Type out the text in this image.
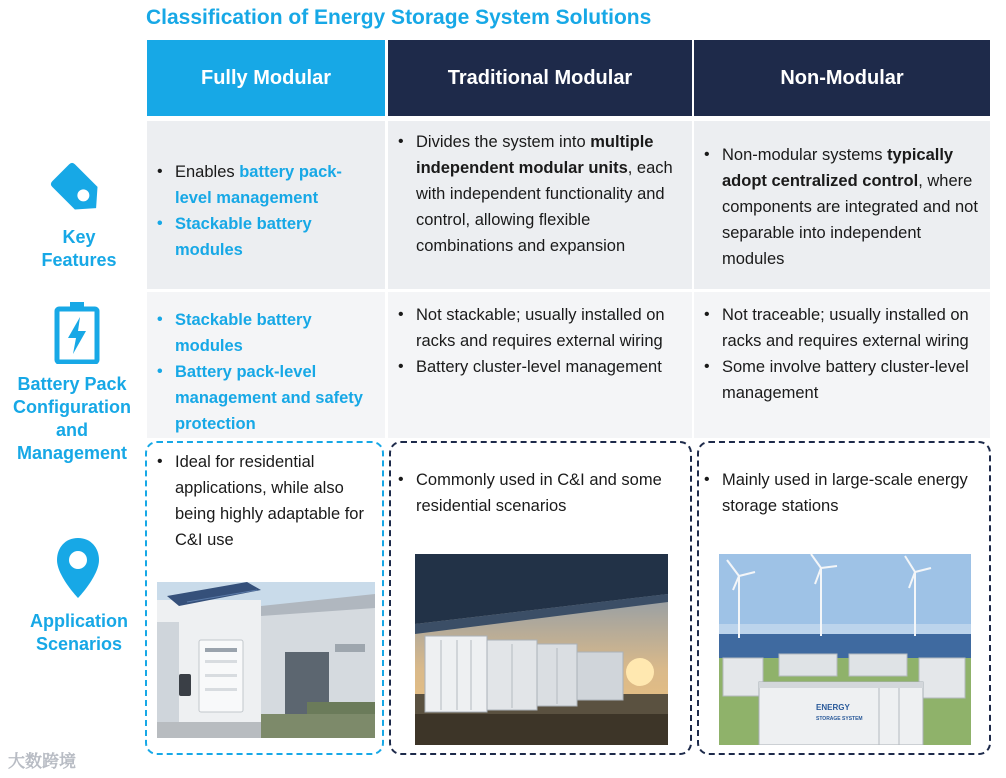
Classification of Energy Storage System Solutions
Fully Modular	Traditional Modular	Non-Modular
Key
Features
Battery Pack
Configuration
and
Management
Application
Scenarios
• Enables battery pack-level management
• Stackable battery modules
• Divides the system into multiple independent modular units, each with independent functionality and control, allowing flexible combinations and expansion
• Non-modular systems typically adopt centralized control, where components are integrated and not separable into independent modules
• Stackable battery modules
• Battery pack-level management and safety protection
• Not stackable; usually installed on racks and requires external wiring
• Battery cluster-level management
• Not traceable; usually installed on racks and requires external wiring
• Some involve battery cluster-level management
• Ideal for residential applications, while also being highly adaptable for C&I use
• Commonly used in C&I and some residential scenarios
• Mainly used in large-scale energy storage stations
ENERGY
STORAGE SYSTEM
大数跨境
